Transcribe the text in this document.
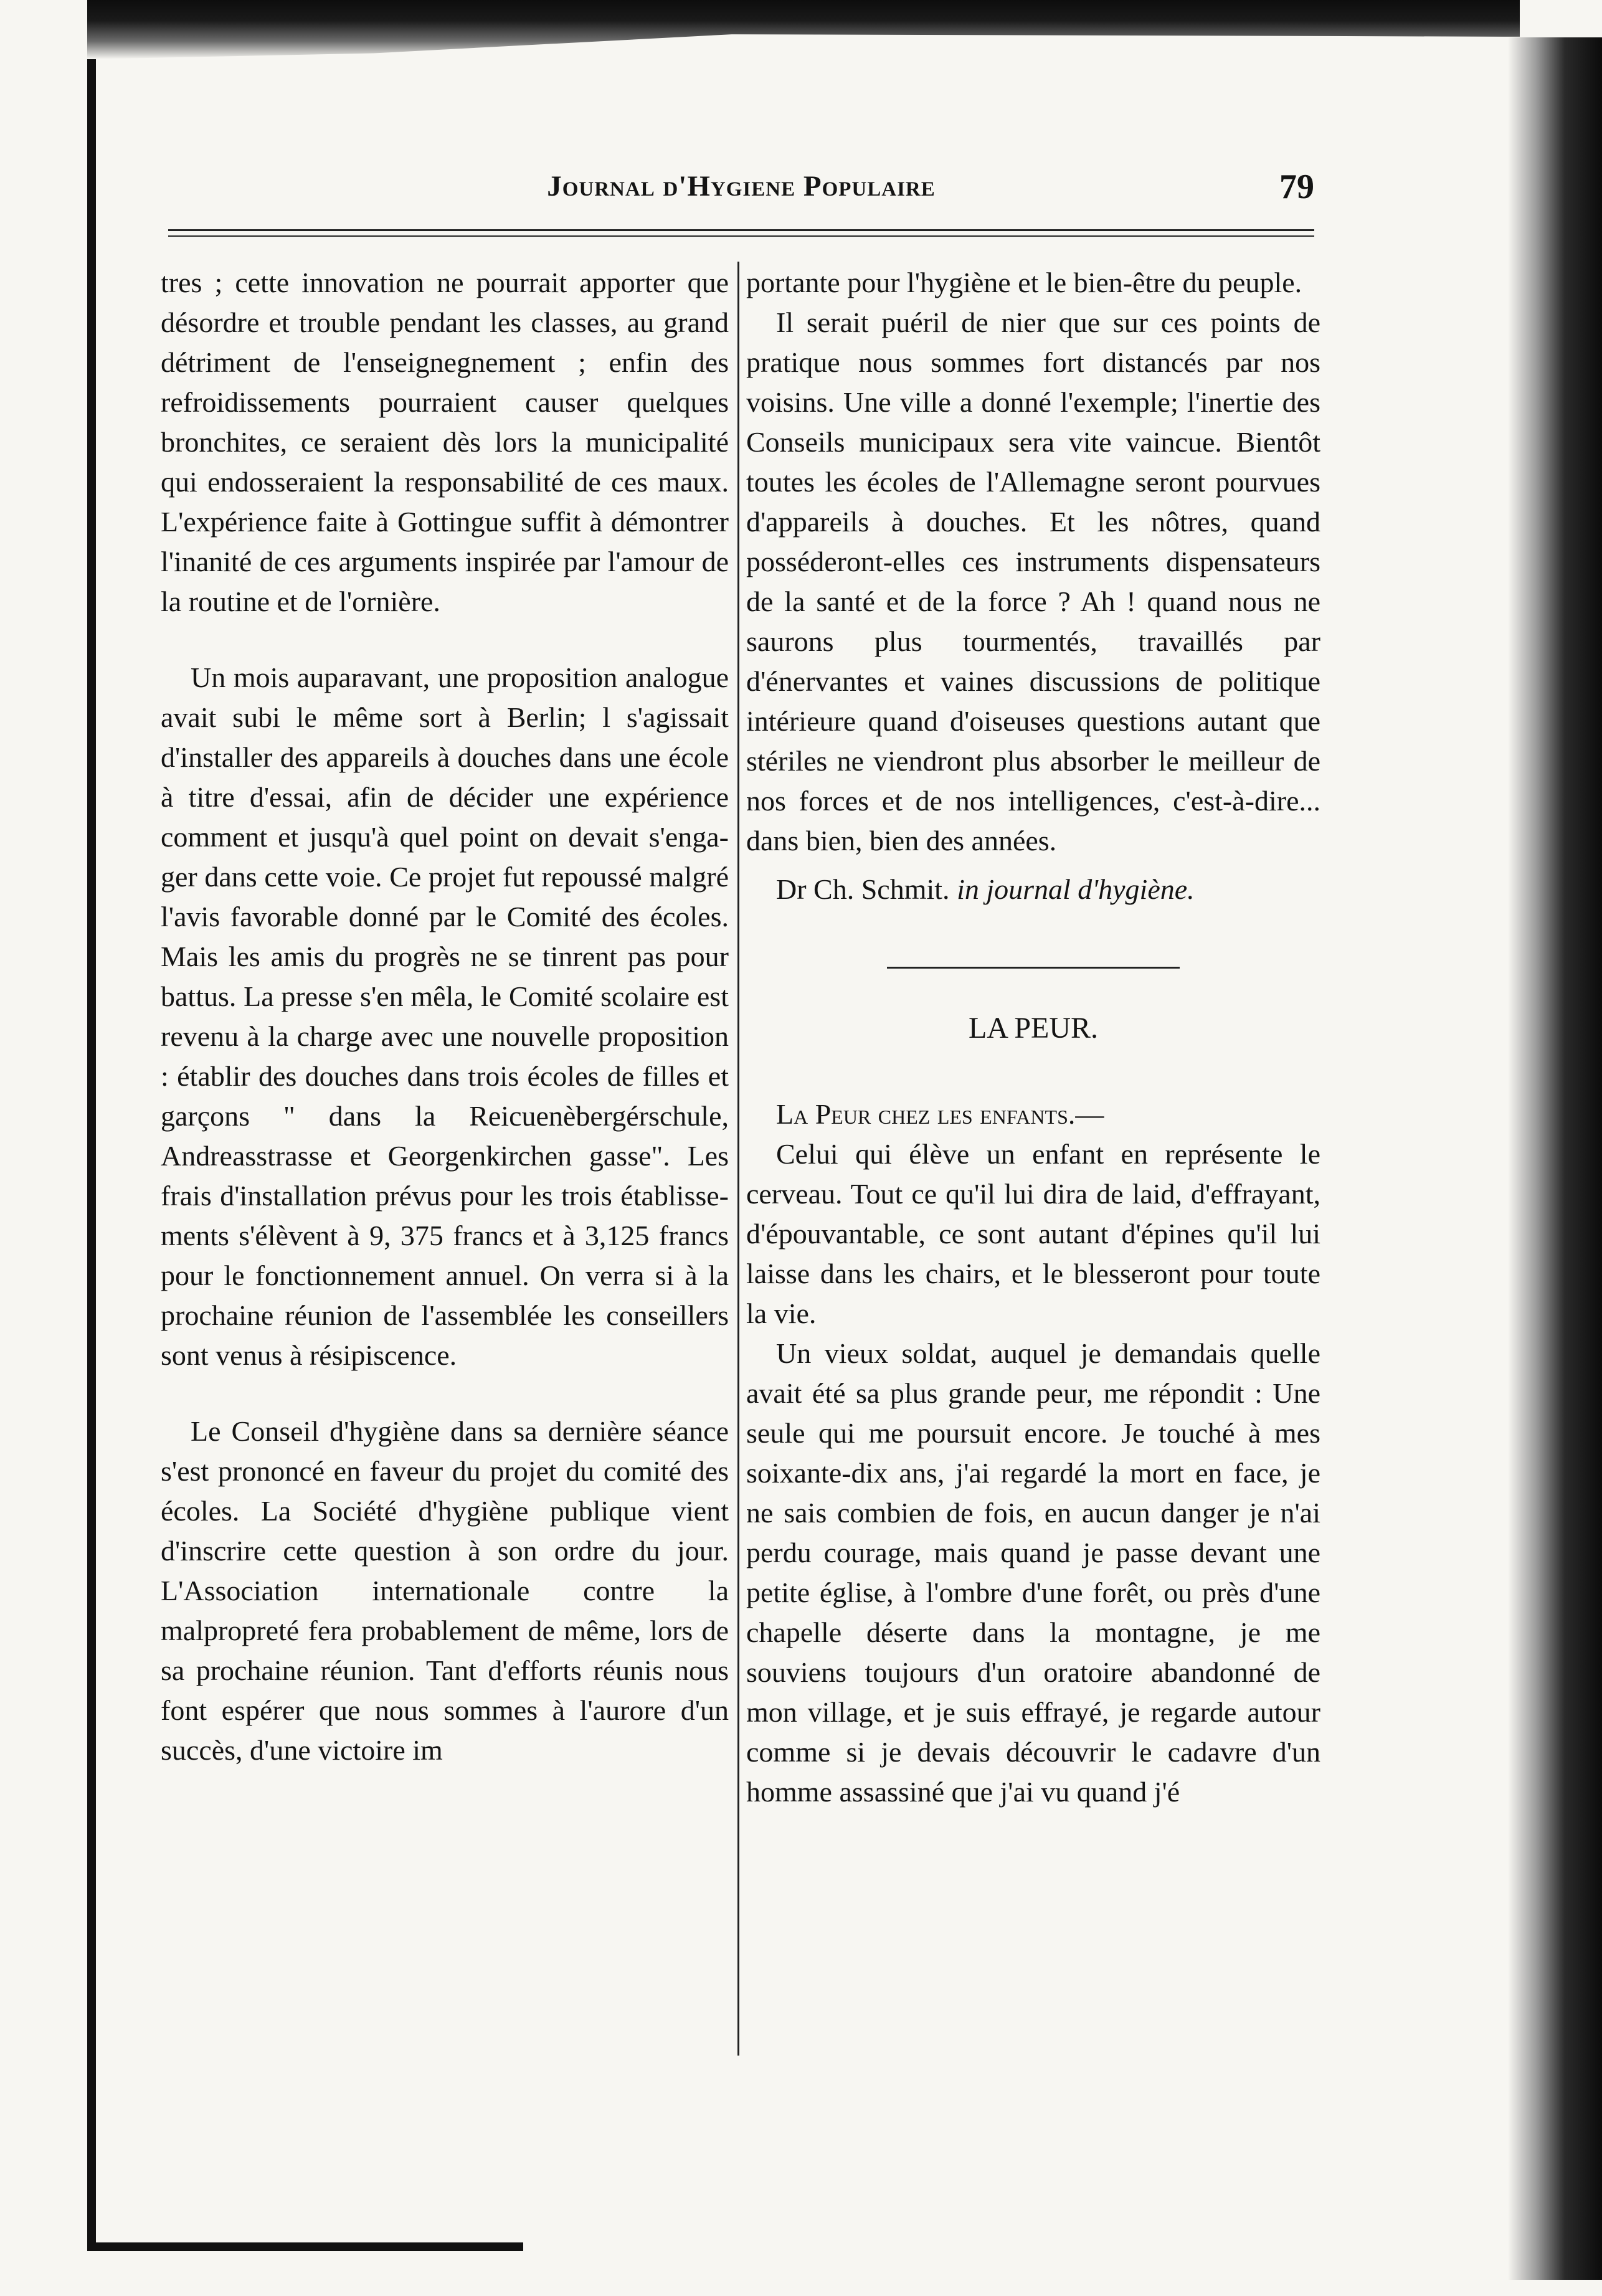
Journal d'Hygiene Populaire	79

tres ; cette innovation ne pourrait apporter que désordre et trouble pendant les classes, au grand détriment de l'enseignegnement ; enfin des refroidissements pourraient causer quelques bronchites, ce seraient dès lors la municipalité qui endosseraient la responsabilité de ces maux. L'expérience faite à Gottingue suffit à démontrer l'inanité de ces arguments inspirée par l'amour de la routine et de l'ornière.

Un mois auparavant, une proposition analogue avait subi le même sort à Berlin; l s'agissait d'installer des appareils à douches dans une école à titre d'essai, afin de décider une expérience comment et jusqu'à quel point on devait s'engager dans cette voie. Ce projet fut repoussé malgré l'avis favorable donné par le Comité des écoles. Mais les amis du progrès ne se tinrent pas pour battus. La presse s'en mêla, le Comité scolaire est revenu à la charge avec une nouvelle proposition : établir des douches dans trois écoles de filles et garçons " dans la Reicuenèbergérschule, Andreasstrasse et Georgenkirchen gasse". Les frais d'installation prévus pour les trois établissements s'élèvent à 9, 375 francs et à 3,125 francs pour le fonctionnement annuel. On verra si à la prochaine réunion de l'assemblée les conseillers sont venus à résipiscence.

Le Conseil d'hygiène dans sa dernière séance s'est prononcé en faveur du projet du comité des écoles. La Société d'hygiène publique vient d'inscrire cette question à son ordre du jour. L'Association internationale contre la malpropreté fera probablement de même, lors de sa prochaine réunion. Tant d'efforts réunis nous font espérer que nous sommes à l'aurore d'un succès, d'une victoire im

portante pour l'hygiène et le bien-être du peuple.

Il serait puéril de nier que sur ces points de pratique nous sommes fort distancés par nos voisins. Une ville a donné l'exemple; l'inertie des Conseils municipaux sera vite vaincue. Bientôt toutes les écoles de l'Allemagne seront pourvues d'appareils à douches. Et les nôtres, quand posséderont-elles ces instruments dispensateurs de la santé et de la force ? Ah ! quand nous ne saurons plus tourmentés, travaillés par d'énervantes et vaines discussions de politique intérieure quand d'oiseuses questions autant que stériles ne viendront plus absorber le meilleur de nos forces et de nos intelligences, c'est-à-dire... dans bien, bien des années.

Dr Ch. Schmit. in journal d'hygiène.

LA PEUR.

La Peur chez les enfants.—

Celui qui élève un enfant en représente le cerveau. Tout ce qu'il lui dira de laid, d'effrayant, d'épouvantable, ce sont autant d'épines qu'il lui laisse dans les chairs, et le blesseront pour toute la vie.

Un vieux soldat, auquel je demandais quelle avait été sa plus grande peur, me répondit : Une seule qui me poursuit encore. Je touché à mes soixante-dix ans, j'ai regardé la mort en face, je ne sais combien de fois, en aucun danger je n'ai perdu courage, mais quand je passe devant une petite église, à l'ombre d'une forêt, ou près d'une chapelle déserte dans la montagne, je me souviens toujours d'un oratoire abandonné de mon village, et je suis effrayé, je regarde autour comme si je devais découvrir le cadavre d'un homme assassiné que j'ai vu quand j'é
